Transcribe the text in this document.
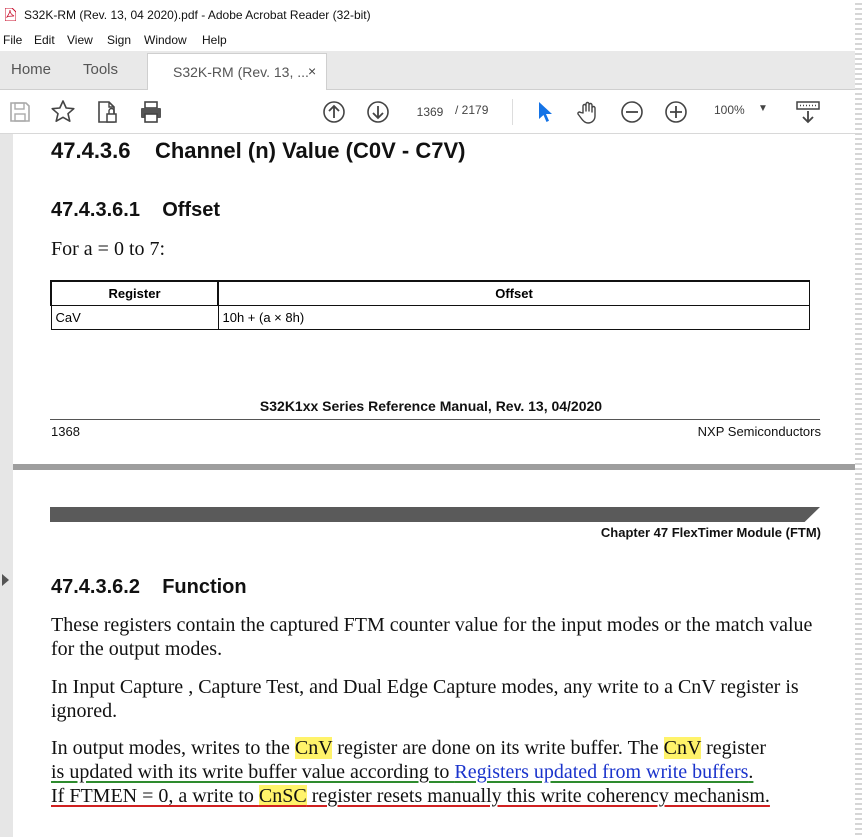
S32K-RM (Rev. 13, 04 2020).pdf - Adobe Acrobat Reader (32-bit)
File Edit View Sign Window Help
Home Tools	S32K-RM (Rev. 13, ... ×
1369 / 2179	100% ▼
47.4.3.6    Channel (n) Value (C0V - C7V)
47.4.3.6.1    Offset
For a = 0 to 7:
Register	Offset
CaV	10h + (a × 8h)
S32K1xx Series Reference Manual, Rev. 13, 04/2020
1368	NXP Semiconductors
Chapter 47 FlexTimer Module (FTM)
47.4.3.6.2    Function
These registers contain the captured FTM counter value for the input modes or the match value for the output modes.
In Input Capture , Capture Test, and Dual Edge Capture modes, any write to a CnV register is ignored.
In output modes, writes to the CnV register are done on its write buffer. The CnV register
is updated with its write buffer value according to Registers updated from write buffers.
If FTMEN = 0, a write to CnSC register resets manually this write coherency mechanism.
